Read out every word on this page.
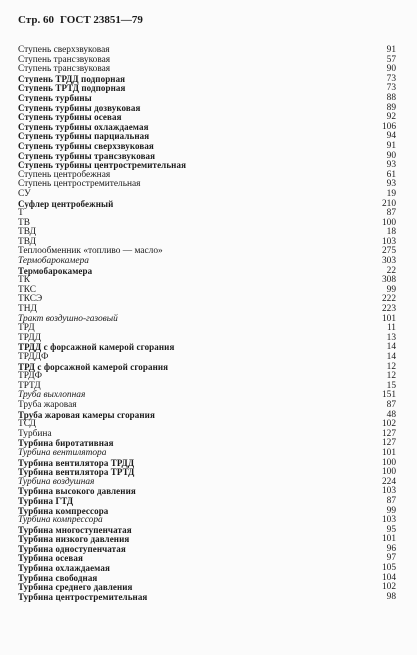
Стр. 60 ГОСТ 23851—79
Ступень сверхзвуковая	91
Ступень трансзвуковая	57
Ступень трансзвуковая	90
Ступень ТРДД подпорная	73
Ступень ТРТД подпорная	73
Ступень турбины	88
Ступень турбины дозвуковая	89
Ступень турбины осевая	92
Ступень турбины охлаждаемая	106
Ступень турбины парциальная	94
Ступень турбины сверхзвуковая	91
Ступень турбины трансзвуковая	90
Ступень турбины центростремительная	93
Ступень центробежная	61
Ступень центростремительная	93
СУ	19
Суфлер центробежный	210
Т	87
ТВ	100
ТВД	18
ТВД	103
Теплообменник «топливо — масло»	275
Термобарокамера	303
Термобарокамера	22
ТК	308
ТКС	99
ТКСЭ	222
ТНД	223
Тракт воздушно-газовый	101
ТРД	11
ТРДД	13
ТРДД с форсажной камерой сгорания	14
ТРДДФ	14
ТРД с форсажной камерой сгорания	12
ТРДФ	12
ТРТД	15
Труба выхлопная	151
Труба жаровая	87
Труба жаровая камеры сгорания	48
ТСД	102
Турбина	127
Турбина биротативная	127
Турбина вентилятора	101
Турбина вентилятора ТРДД	100
Турбина вентилятора ТРТД	100
Турбина воздушная	224
Турбина высокого давления	103
Турбина ГТД	87
Турбина компрессора	99
Турбина компрессора	103
Турбина многоступенчатая	95
Турбина низкого давления	101
Турбина одноступенчатая	96
Турбина осевая	97
Турбина охлаждаемая	105
Турбина свободная	104
Турбина среднего давления	102
Турбина центростремительная	98
